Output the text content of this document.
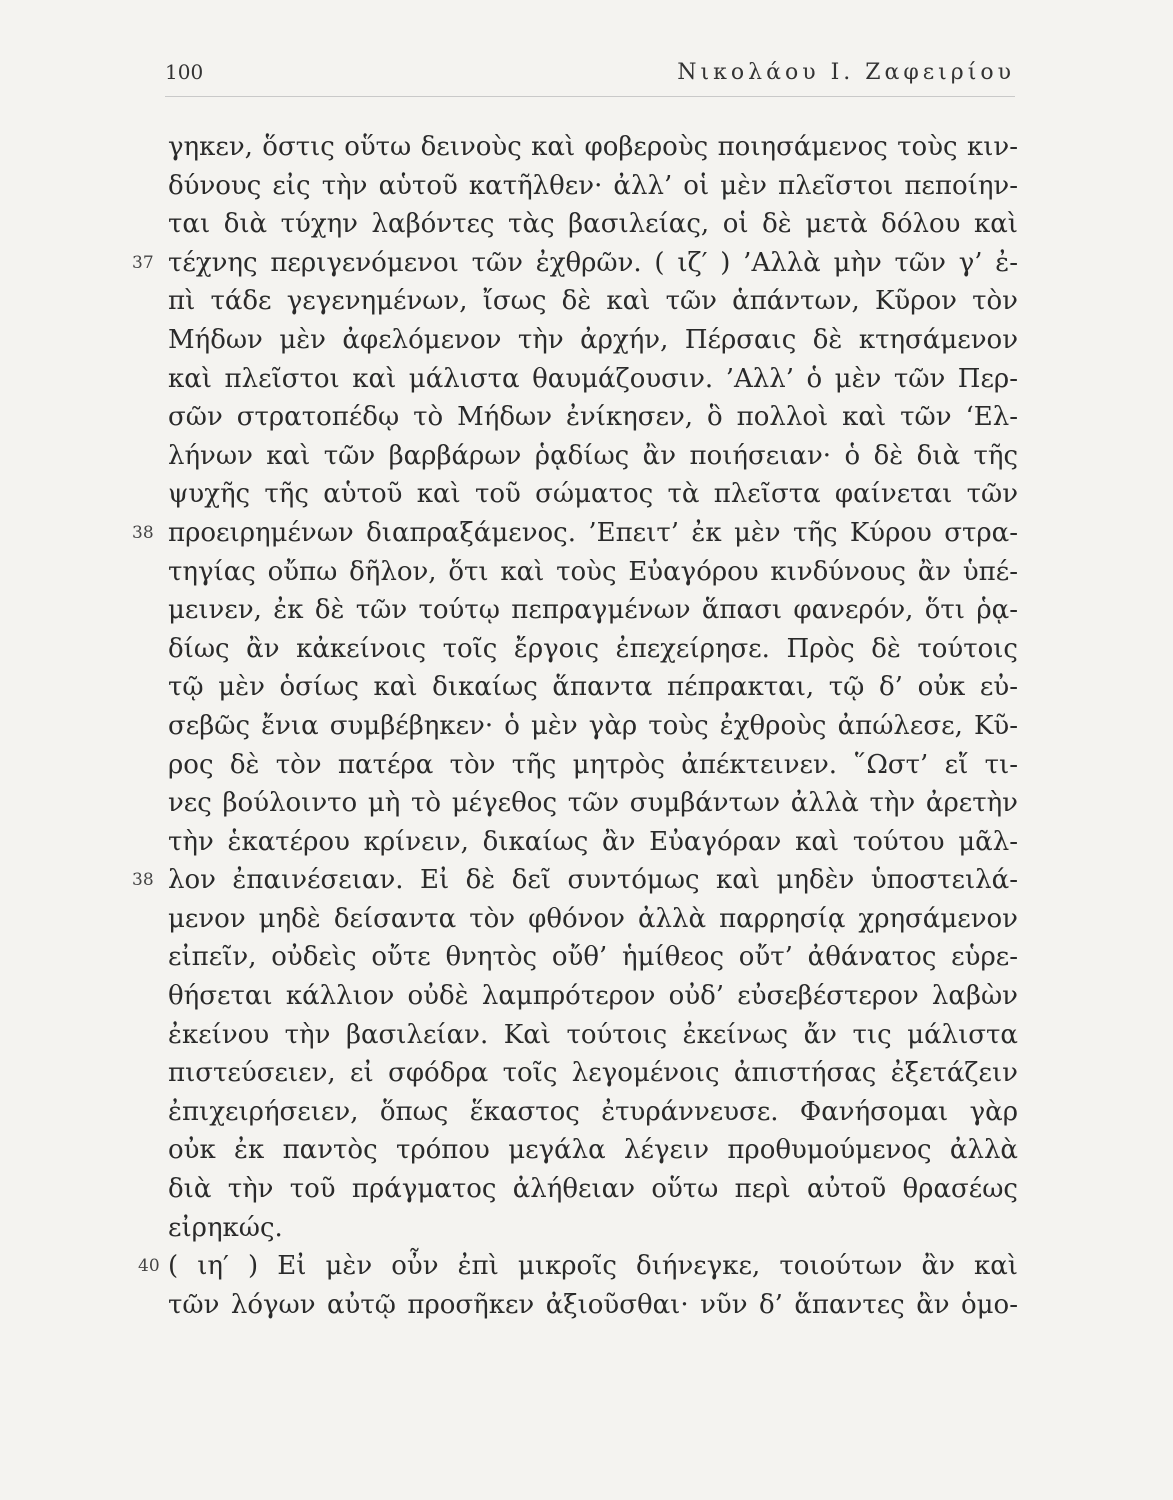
100	Νικολάου Ι. Ζαφειρίου
γηκεν, ὅστις οὕτω δεινοὺς καὶ φοβεροὺς ποιησάμενος τοὺς κιν-
δύνους εἰς τὴν αὑτοῦ κατῆλθεν· ἀλλ’ οἱ μὲν πλεῖστοι πεποίην-
ται διὰ τύχην λαβόντες τὰς βασιλείας, οἱ δὲ μετὰ δόλου καὶ
37 τέχνης περιγενόμενοι τῶν ἐχθρῶν. ( ιζ′ ) ’Αλλὰ μὴν τῶν γ’ ἐ-
πὶ τάδε γεγενημένων, ἴσως δὲ καὶ τῶν ἁπάντων, Κῦρον τὸν
Μήδων μὲν ἀφελόμενον τὴν ἀρχήν, Πέρσαις δὲ κτησάμενον
καὶ πλεῖστοι καὶ μάλιστα θαυμάζουσιν. ’Αλλ’ ὁ μὲν τῶν Περ-
σῶν στρατοπέδῳ τὸ Μήδων ἐνίκησεν, ὃ πολλοὶ καὶ τῶν ‘Ελ-
λήνων καὶ τῶν βαρβάρων ῥᾳδίως ἂν ποιήσειαν· ὁ δὲ διὰ τῆς
ψυχῆς τῆς αὑτοῦ καὶ τοῦ σώματος τὰ πλεῖστα φαίνεται τῶν
38 προειρημένων διαπραξάμενος. ’Επειτ’ ἐκ μὲν τῆς Κύρου στρα-
τηγίας οὔπω δῆλον, ὅτι καὶ τοὺς Εὐαγόρου κινδύνους ἂν ὑπέ-
μεινεν, ἐκ δὲ τῶν τούτῳ πεπραγμένων ἅπασι φανερόν, ὅτι ῥᾳ-
δίως ἂν κἀκείνοις τοῖς ἔργοις ἐπεχείρησε. Πρὸς δὲ τούτοις
τῷ μὲν ὁσίως καὶ δικαίως ἅπαντα πέπρακται, τῷ δ’ οὐκ εὐ-
σεβῶς ἔνια συμβέβηκεν· ὁ μὲν γὰρ τοὺς ἐχθροὺς ἀπώλεσε, Κῦ-
ρος δὲ τὸν πατέρα τὸν τῆς μητρὸς ἀπέκτεινεν. ῞Ωστ’ εἴ τι-
νες βούλοιντο μὴ τὸ μέγεθος τῶν συμβάντων ἀλλὰ τὴν ἀρετὴν
τὴν ἑκατέρου κρίνειν, δικαίως ἂν Εὐαγόραν καὶ τούτου μᾶλ-
38 λον ἐπαινέσειαν. Εἰ δὲ δεῖ συντόμως καὶ μηδὲν ὑποστειλά-
μενον μηδὲ δείσαντα τὸν φθόνον ἀλλὰ παρρησίᾳ χρησάμενον
εἰπεῖν, οὐδεὶς οὔτε θνητὸς οὔθ’ ἡμίθεος οὔτ’ ἀθάνατος εὑρε-
θήσεται κάλλιον οὐδὲ λαμπρότερον οὐδ’ εὐσεβέστερον λαβὼν
ἐκείνου τὴν βασιλείαν. Καὶ τούτοις ἐκείνως ἄν τις μάλιστα
πιστεύσειεν, εἰ σφόδρα τοῖς λεγομένοις ἀπιστήσας ἐξετάζειν
ἐπιχειρήσειεν, ὅπως ἕκαστος ἐτυράννευσε. Φανήσομαι γὰρ
οὐκ ἐκ παντὸς τρόπου μεγάλα λέγειν προθυμούμενος ἀλλὰ
διὰ τὴν τοῦ πράγματος ἀλήθειαν οὕτω περὶ αὐτοῦ θρασέως
εἰρηκώς.
40 ( ιη′ ) Εἰ μὲν οὖν ἐπὶ μικροῖς διήνεγκε, τοιούτων ἂν καὶ
τῶν λόγων αὐτῷ προσῆκεν ἀξιοῦσθαι· νῦν δ’ ἅπαντες ἂν ὁμο-
